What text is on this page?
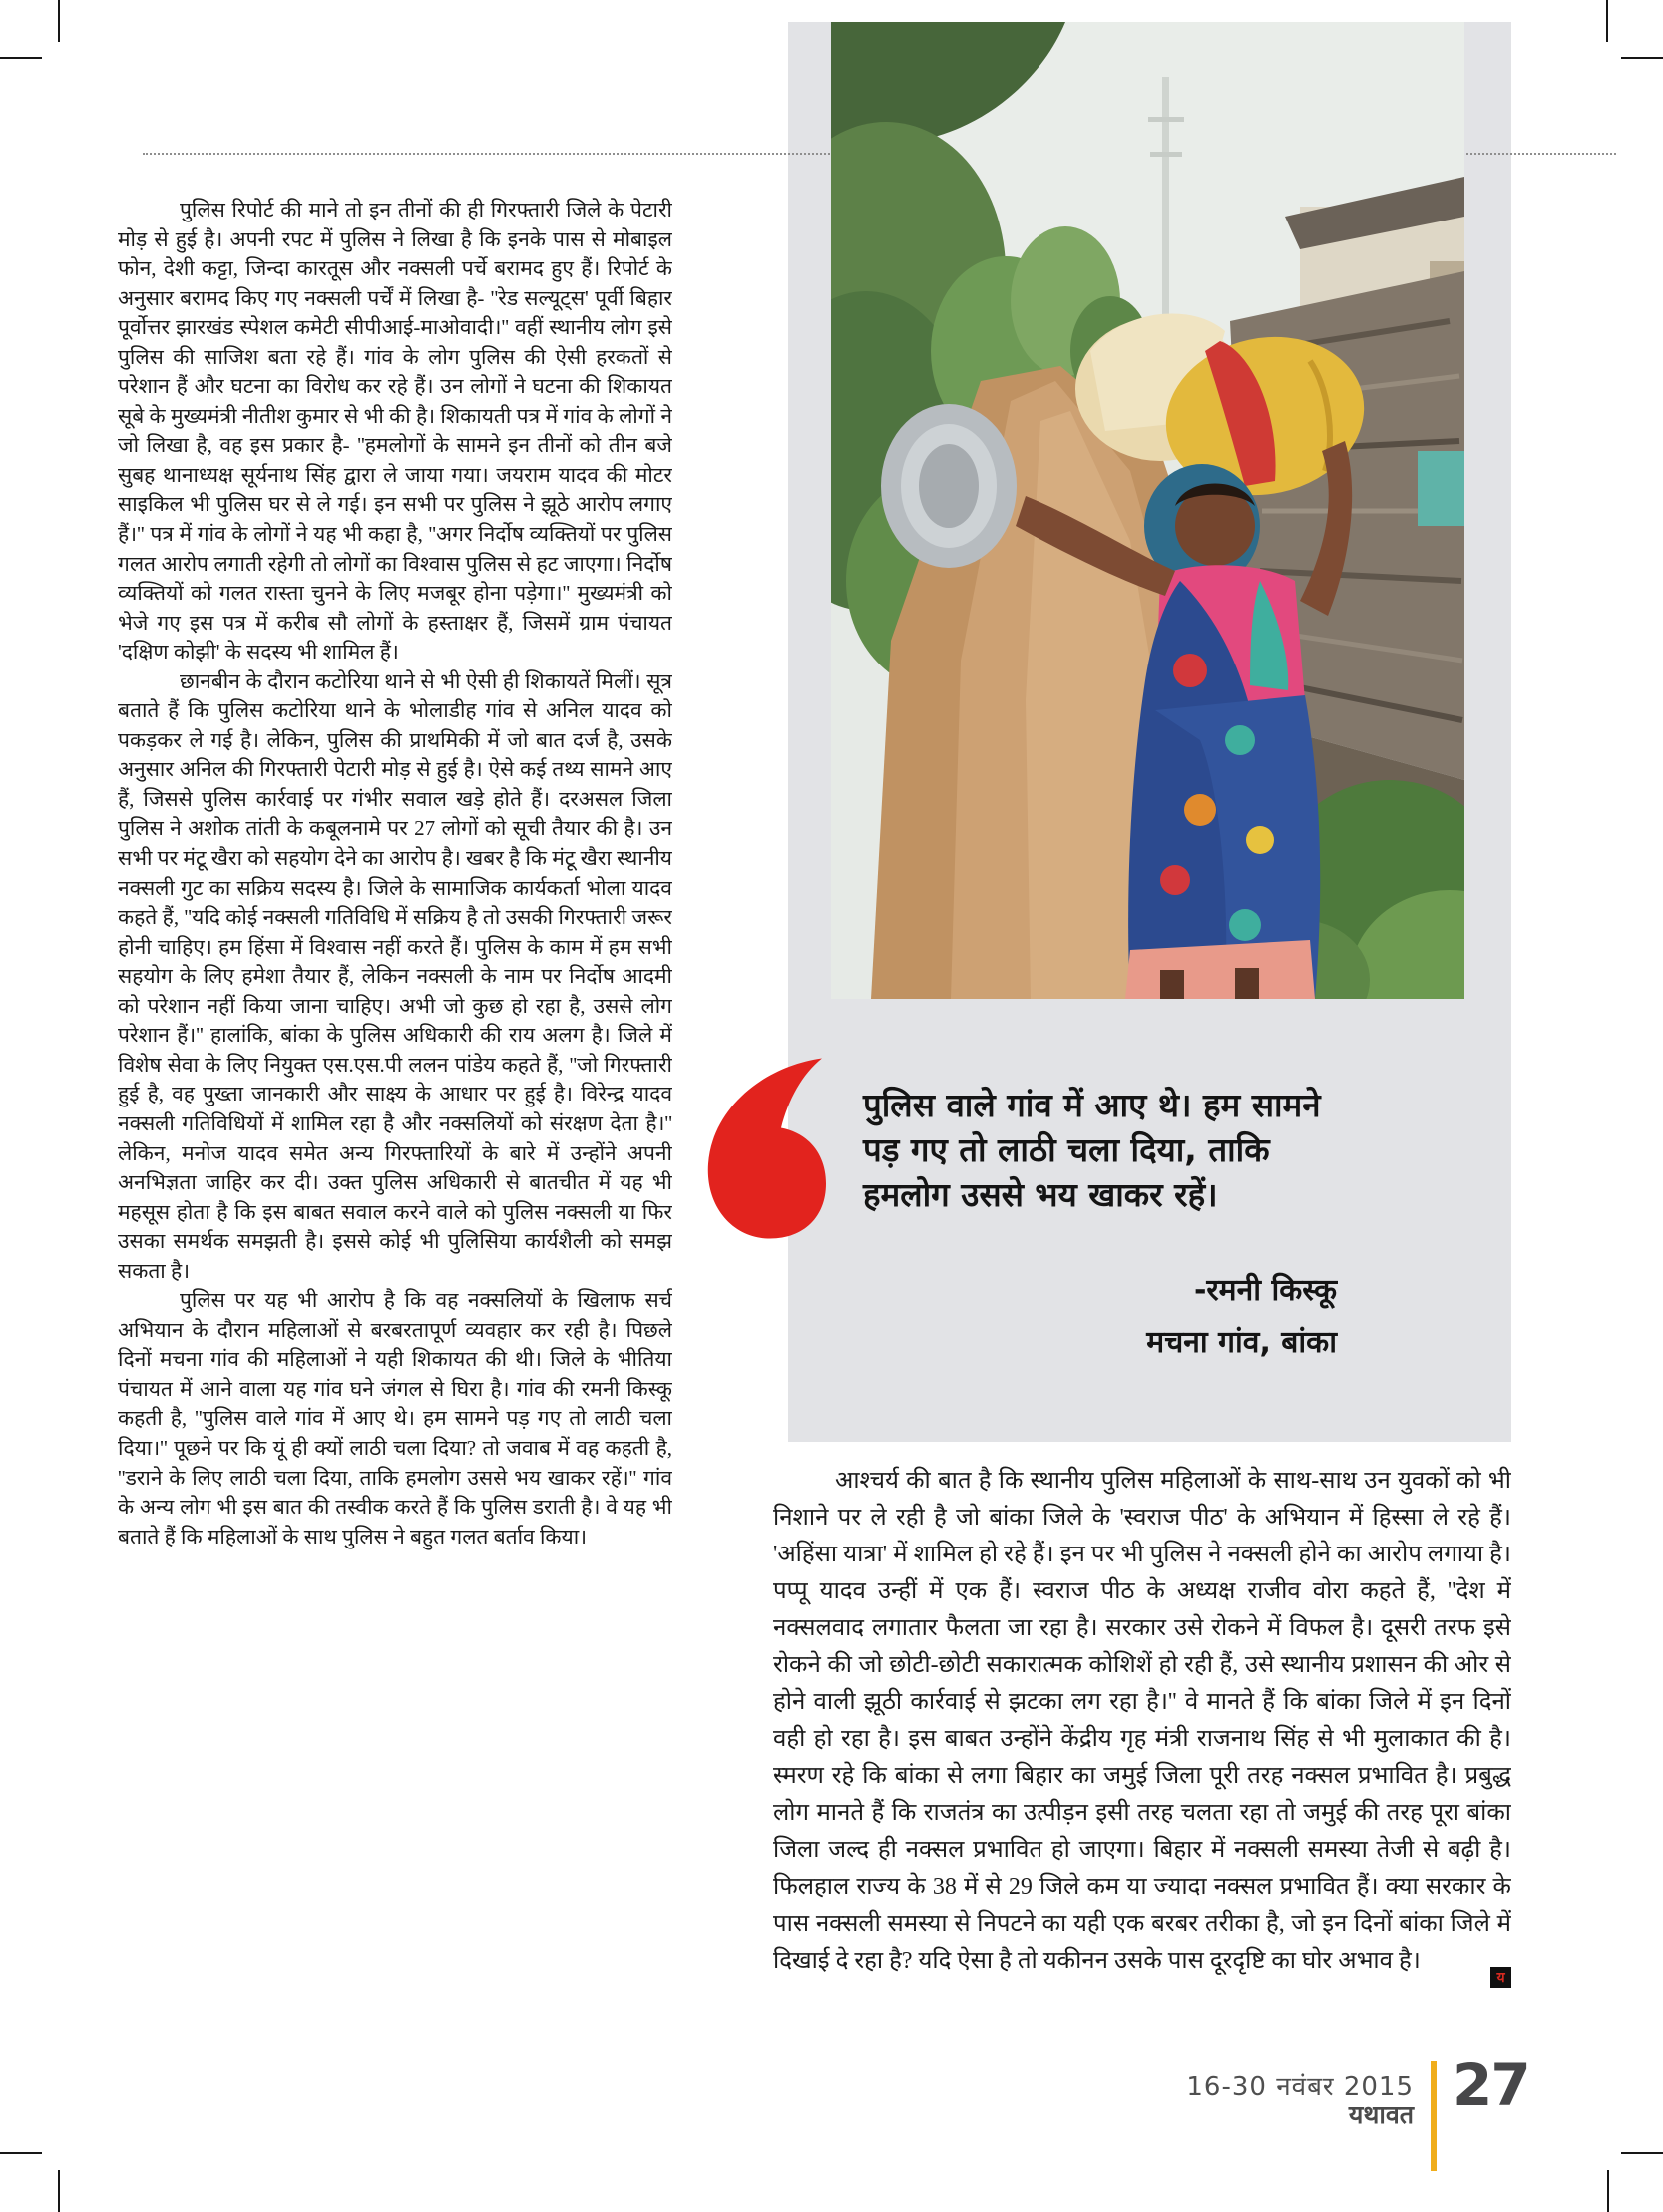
पुलिस रिपोर्ट की माने तो इन तीनों की ही गिरफ्तारी जिले के पेटारी मोड़ से हुई है। अपनी रपट में पुलिस ने लिखा है कि इनके पास से मोबाइल फोन, देशी कट्टा, जिन्दा कारतूस और नक्सली पर्चे बरामद हुए हैं। रिपोर्ट के अनुसार बरामद किए गए नक्सली पर्चें में लिखा है- ''रेड सल्यूट्स' पूर्वी बिहार पूर्वोत्तर झारखंड स्पेशल कमेटी सीपीआई-माओवादी।'' वहीं स्थानीय लोग इसे पुलिस की साजिश बता रहे हैं। गांव के लोग पुलिस की ऐसी हरकतों से परेशान हैं और घटना का विरोध कर रहे हैं। उन लोगों ने घटना की शिकायत सूबे के मुख्यमंत्री नीतीश कुमार से भी की है। शिकायती पत्र में गांव के लोगों ने जो लिखा है, वह इस प्रकार है- ''हमलोगों के सामने इन तीनों को तीन बजे सुबह थानाध्यक्ष सूर्यनाथ सिंह द्वारा ले जाया गया। जयराम यादव की मोटर साइकिल भी पुलिस घर से ले गई। इन सभी पर पुलिस ने झूठे आरोप लगाए हैं।'' पत्र में गांव के लोगों ने यह भी कहा है, ''अगर निर्दोष व्यक्तियों पर पुलिस गलत आरोप लगाती रहेगी तो लोगों का विश्वास पुलिस से हट जाएगा। निर्दोष व्यक्तियों को गलत रास्ता चुनने के लिए मजबूर होना पड़ेगा।'' मुख्यमंत्री को भेजे गए इस पत्र में करीब सौ लोगों के हस्ताक्षर हैं, जिसमें ग्राम पंचायत 'दक्षिण कोझी' के सदस्य भी शामिल हैं।

छानबीन के दौरान कटोरिया थाने से भी ऐसी ही शिकायतें मिलीं। सूत्र बताते हैं कि पुलिस कटोरिया थाने के भोलाडीह गांव से अनिल यादव को पकड़कर ले गई है। लेकिन, पुलिस की प्राथमिकी में जो बात दर्ज है, उसके अनुसार अनिल की गिरफ्तारी पेटारी मोड़ से हुई है। ऐसे कई तथ्य सामने आए हैं, जिससे पुलिस कार्रवाई पर गंभीर सवाल खड़े होते हैं। दरअसल जिला पुलिस ने अशोक तांती के कबूलनामे पर 27 लोगों को सूची तैयार की है। उन सभी पर मंटू खैरा को सहयोग देने का आरोप है। खबर है कि मंटू खैरा स्थानीय नक्सली गुट का सक्रिय सदस्य है। जिले के सामाजिक कार्यकर्ता भोला यादव कहते हैं, ''यदि कोई नक्सली गतिविधि में सक्रिय है तो उसकी गिरफ्तारी जरूर होनी चाहिए। हम हिंसा में विश्वास नहीं करते हैं। पुलिस के काम में हम सभी सहयोग के लिए हमेशा तैयार हैं, लेकिन नक्सली के नाम पर निर्दोष आदमी को परेशान नहीं किया जाना चाहिए। अभी जो कुछ हो रहा है, उससे लोग परेशान हैं।'' हालांकि, बांका के पुलिस अधिकारी की राय अलग है। जिले में विशेष सेवा के लिए नियुक्त एस.एस.पी ललन पांडेय कहते हैं, ''जो गिरफ्तारी हुई है, वह पुख्ता जानकारी और साक्ष्य के आधार पर हुई है। विरेन्द्र यादव नक्सली गतिविधियों में शामिल रहा है और नक्सलियों को संरक्षण देता है।'' लेकिन, मनोज यादव समेत अन्य गिरफ्तारियों के बारे में उन्होंने अपनी अनभिज्ञता जाहिर कर दी। उक्त पुलिस अधिकारी से बातचीत में यह भी महसूस होता है कि इस बाबत सवाल करने वाले को पुलिस नक्सली या फिर उसका समर्थक समझती है। इससे कोई भी पुलिसिया कार्यशैली को समझ सकता है।

पुलिस पर यह भी आरोप है कि वह नक्सलियों के खिलाफ सर्च अभियान के दौरान महिलाओं से बरबरतापूर्ण व्यवहार कर रही है। पिछले दिनों मचना गांव की महिलाओं ने यही शिकायत की थी। जिले के भीतिया पंचायत में आने वाला यह गांव घने जंगल से घिरा है। गांव की रमनी किस्कू कहती है, ''पुलिस वाले गांव में आए थे। हम सामने पड़ गए तो लाठी चला दिया।'' पूछने पर कि यूं ही क्यों लाठी चला दिया? तो जवाब में वह कहती है, ''डराने के लिए लाठी चला दिया, ताकि हमलोग उससे भय खाकर रहें।'' गांव के अन्य लोग भी इस बात की तस्वीक करते हैं कि पुलिस डराती है। वे यह भी बताते हैं कि महिलाओं के साथ पुलिस ने बहुत गलत बर्ताव किया।

पुलिस वाले गांव में आए थे। हम सामने पड़ गए तो लाठी चला दिया, ताकि हमलोग उससे भय खाकर रहें।
-रमनी किस्कू
मचना गांव, बांका

आश्चर्य की बात है कि स्थानीय पुलिस महिलाओं के साथ-साथ उन युवकों को भी निशाने पर ले रही है जो बांका जिले के 'स्वराज पीठ' के अभियान में हिस्सा ले रहे हैं। 'अहिंसा यात्रा' में शामिल हो रहे हैं। इन पर भी पुलिस ने नक्सली होने का आरोप लगाया है। पप्पू यादव उन्हीं में एक हैं। स्वराज पीठ के अध्यक्ष राजीव वोरा कहते हैं, ''देश में नक्सलवाद लगातार फैलता जा रहा है। सरकार उसे रोकने में विफल है। दूसरी तरफ इसे रोकने की जो छोटी-छोटी सकारात्मक कोशिशें हो रही हैं, उसे स्थानीय प्रशासन की ओर से होने वाली झूठी कार्रवाई से झटका लग रहा है।'' वे मानते हैं कि बांका जिले में इन दिनों वही हो रहा है। इस बाबत उन्होंने केंद्रीय गृह मंत्री राजनाथ सिंह से भी मुलाकात की है। स्मरण रहे कि बांका से लगा बिहार का जमुई जिला पूरी तरह नक्सल प्रभावित है। प्रबुद्ध लोग मानते हैं कि राजतंत्र का उत्पीड़न इसी तरह चलता रहा तो जमुई की तरह पूरा बांका जिला जल्द ही नक्सल प्रभावित हो जाएगा। बिहार में नक्सली समस्या तेजी से बढ़ी है। फिलहाल राज्य के 38 में से 29 जिले कम या ज्यादा नक्सल प्रभावित हैं। क्या सरकार के पास नक्सली समस्या से निपटने का यही एक बरबर तरीका है, जो इन दिनों बांका जिले में दिखाई दे रहा है? यदि ऐसा है तो यकीनन उसके पास दूरदृष्टि का घोर अभाव है।

य
16-30 नवंबर 2015
यथावत 27
